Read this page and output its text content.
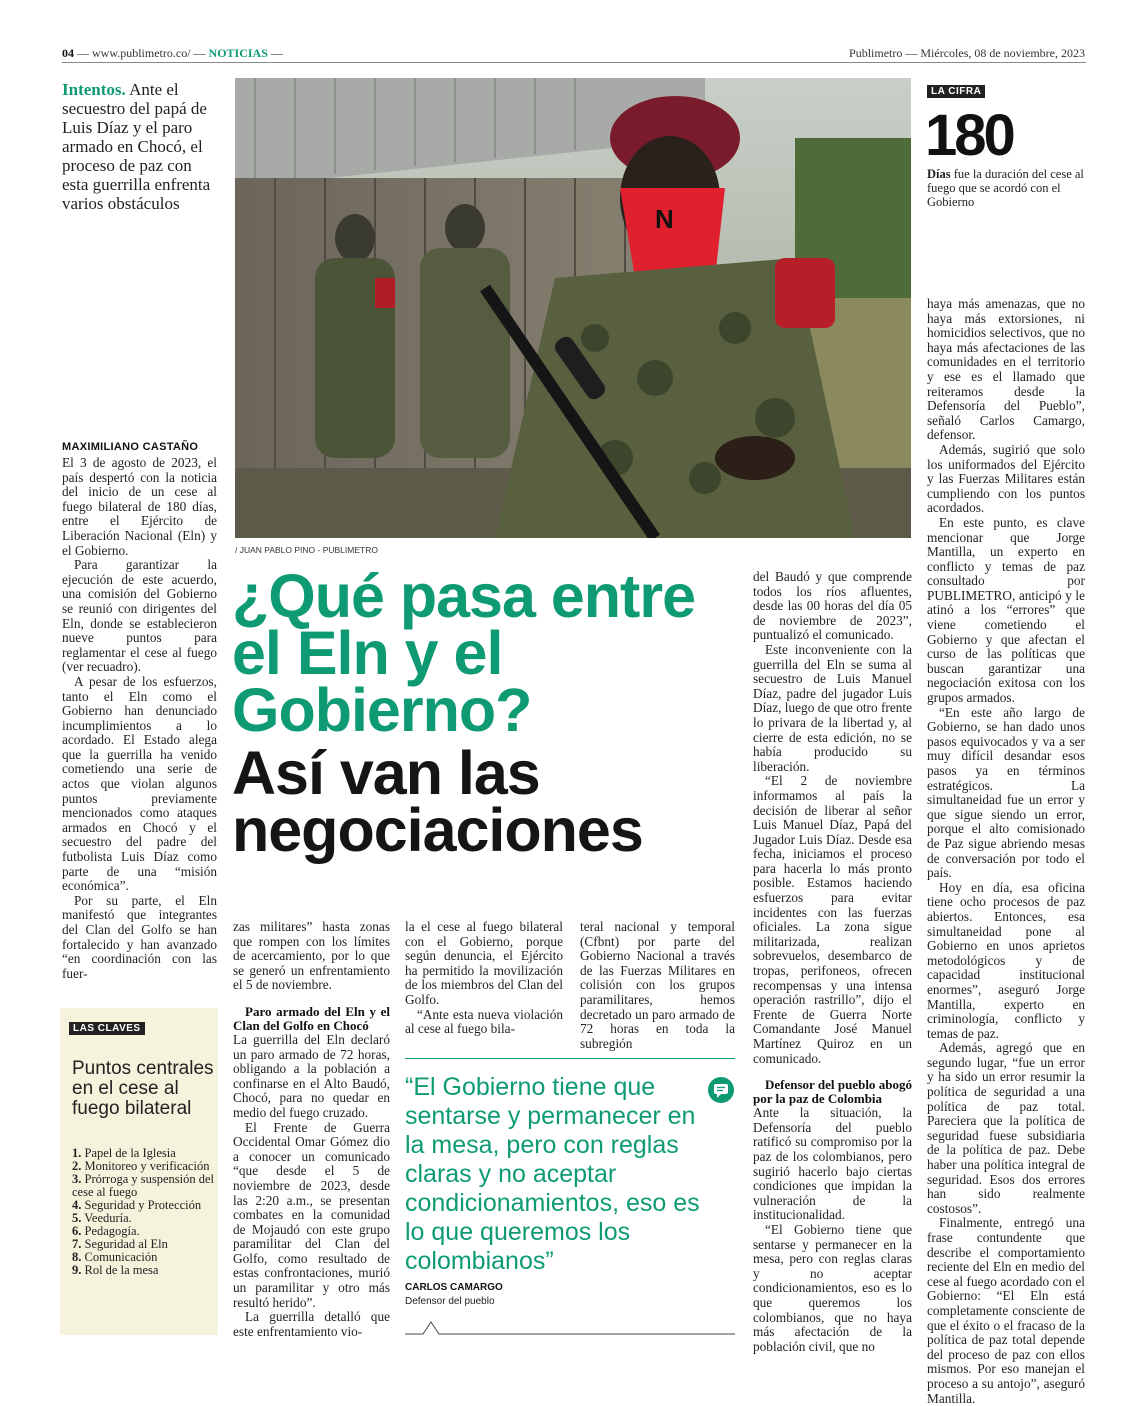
04 — www.publimetro.co/ — NOTICIAS —	Publimetro — Miércoles, 08 de noviembre, 2023
Intentos. Ante el secuestro del papá de Luis Díaz y el paro armado en Chocó, el proceso de paz con esta guerrilla enfrenta varios obstáculos
N
/ JUAN PABLO PINO - PUBLIMETRO
¿Qué pasa entre el Eln y el Gobierno?
Así van las negociaciones
LA CIFRA
180
Días fue la duración del cese al fuego que se acordó con el Gobierno
MAXIMILIANO CASTAÑO

El 3 de agosto de 2023, el país despertó con la noticia del inicio de un cese al fuego bilateral de 180 días, entre el Ejército de Liberación Nacional (Eln) y el Gobierno.

Para garantizar la ejecución de este acuerdo, una comisión del Gobierno se reunió con dirigentes del Eln, donde se establecieron nueve puntos para reglamentar el cese al fuego (ver recuadro).

A pesar de los esfuerzos, tanto el Eln como el Gobierno han denunciado incumplimientos a lo acordado. El Estado alega que la guerrilla ha venido cometiendo una serie de actos que violan algunos puntos previamente mencionados como ataques armados en Chocó y el secuestro del padre del futbolista Luis Díaz como parte de una “misión económica”.

Por su parte, el Eln manifestó que integrantes del Clan del Golfo se han fortalecido y han avanzado “en coordinación con las fuer-

LAS CLAVES
Puntos centrales en el cese al fuego bilateral
1. Papel de la Iglesia
2. Monitoreo y verificación
3. Prórroga y suspensión del cese al fuego
4. Seguridad y Protección
5. Veeduría.
6. Pedagogía.
7. Seguridad al Eln
8. Comunicación
9. Rol de la mesa

zas militares” hasta zonas que rompen con los límites de acercamiento, por lo que se generó un enfrentamiento el 5 de noviembre.

Paro armado del Eln y el Clan del Golfo en Chocó

La guerrilla del Eln declaró un paro armado de 72 horas, obligando a la población a confinarse en el Alto Baudó, Chocó, para no quedar en medio del fuego cruzado.

El Frente de Guerra Occidental Omar Gómez dio a conocer un comunicado “que desde el 5 de noviembre de 2023, desde las 2:20 a.m., se presentan combates en la comunidad de Mojaudó con este grupo paramilitar del Clan del Golfo, como resultado de estas confrontaciones, murió un paramilitar y otro más resultó herido”.

La guerrilla detalló que este enfrentamiento vio-

la el cese al fuego bilateral con el Gobierno, porque según denuncia, el Ejército ha permitido la movilización de los miembros del Clan del Golfo.

“Ante esta nueva violación al cese al fuego bila-

teral nacional y temporal (Cfbnt) por parte del Gobierno Nacional a través de las Fuerzas Militares en colisión con los grupos paramilitares, hemos decretado un paro armado de 72 horas en toda la subregión

“El Gobierno tiene que sentarse y permanecer en la mesa, pero con reglas claras y no aceptar condicionamientos, eso es lo que queremos los colombianos”
CARLOS CAMARGO
Defensor del pueblo

del Baudó y que comprende todos los ríos afluentes, desde las 00 horas del día 05 de noviembre de 2023”, puntualizó el comunicado.

Este inconveniente con la guerrilla del Eln se suma al secuestro de Luis Manuel Díaz, padre del jugador Luis Díaz, luego de que otro frente lo privara de la libertad y, al cierre de esta edición, no se había producido su liberación.

“El 2 de noviembre informamos al país la decisión de liberar al señor Luis Manuel Díaz, Papá del Jugador Luis Díaz. Desde esa fecha, iniciamos el proceso para hacerla lo más pronto posible. Estamos haciendo esfuerzos para evitar incidentes con las fuerzas oficiales. La zona sigue militarizada, realizan sobrevuelos, desembarco de tropas, perifoneos, ofrecen recompensas y una intensa operación rastrillo”, dijo el Frente de Guerra Norte Comandante José Manuel Martínez Quiroz en un comunicado.

Defensor del pueblo abogó por la paz de Colombia

Ante la situación, la Defensoría del pueblo ratificó su compromiso por la paz de los colombianos, pero sugirió hacerlo bajo ciertas condiciones que impidan la vulneración de la institucionalidad.

“El Gobierno tiene que sentarse y permanecer en la mesa, pero con reglas claras y no aceptar condicionamientos, eso es lo que queremos los colombianos, que no haya más afectación de la población civil, que no

haya más amenazas, que no haya más extorsiones, ni homicidios selectivos, que no haya más afectaciones de las comunidades en el territorio y ese es el llamado que reiteramos desde la Defensoría del Pueblo”, señaló Carlos Camargo, defensor.

Además, sugirió que solo los uniformados del Ejército y las Fuerzas Militares están cumpliendo con los puntos acordados.

En este punto, es clave mencionar que Jorge Mantilla, un experto en conflicto y temas de paz consultado por PUBLIMETRO, anticipó y le atinó a los “errores” que viene cometiendo el Gobierno y que afectan el curso de las políticas que buscan garantizar una negociación exitosa con los grupos armados.

“En este año largo de Gobierno, se han dado unos pasos equivocados y va a ser muy difícil desandar esos pasos ya en términos estratégicos. La simultaneidad fue un error y que sigue siendo un error, porque el alto comisionado de Paz sigue abriendo mesas de conversación por todo el país.

Hoy en día, esa oficina tiene ocho procesos de paz abiertos. Entonces, esa simultaneidad pone al Gobierno en unos aprietos metodológicos y de capacidad institucional enormes”, aseguró Jorge Mantilla, experto en criminología, conflicto y temas de paz.

Además, agregó que en segundo lugar, “fue un error y ha sido un error resumir la política de seguridad a una política de paz total. Pareciera que la política de seguridad fuese subsidiaria de la política de paz. Debe haber una política integral de seguridad. Esos dos errores han sido realmente costosos”.

Finalmente, entregó una frase contundente que describe el comportamiento reciente del Eln en medio del cese al fuego acordado con el Gobierno: “El Eln está completamente consciente de que el éxito o el fracaso de la política de paz total depende del proceso de paz con ellos mismos. Por eso manejan el proceso a su antojo”, aseguró Mantilla.
